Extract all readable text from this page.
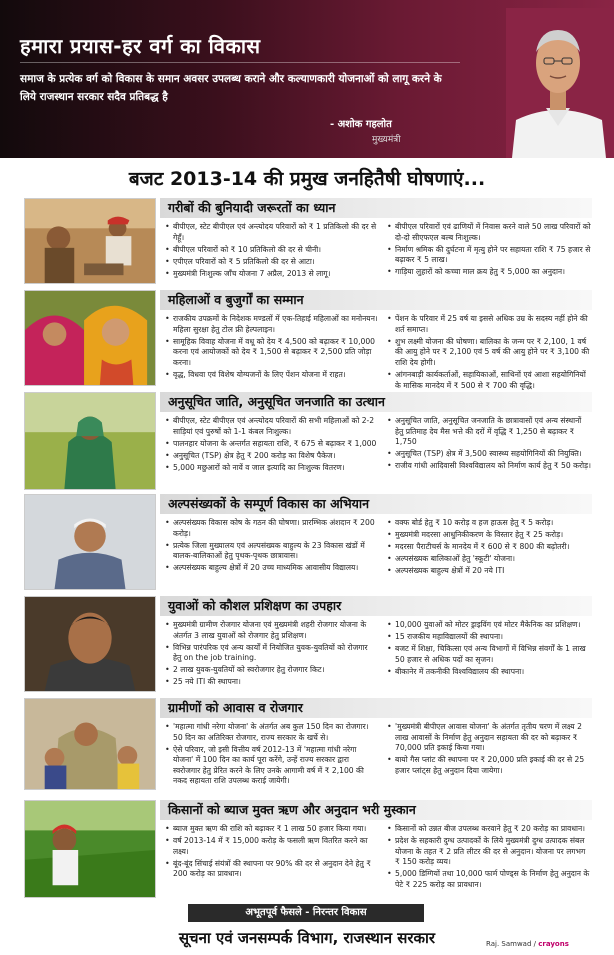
हमारा प्रयास-हर वर्ग का विकास

समाज के प्रत्येक वर्ग को विकास के समान अवसर उपलब्ध कराने और कल्याणकारी योजनाओं को लागू करने के लिये राजस्थान सरकार सदैव प्रतिबद्ध है

- अशोक गहलोत
मुख्यमंत्री
बजट 2013-14 की प्रमुख जनहितैषी घोषणाएं...
गरीबों की बुनियादी जरूरतों का ध्यान
• बीपीएल, स्टेट बीपीएल एवं अन्त्योदय परिवारों को ₹ 1 प्रतिकिलो की दर से गेहूँ।
• बीपीएल परिवारों को ₹ 10 प्रतिकिलो की दर से चीनी।
• एपीएल परिवारों को ₹ 5 प्रतिकिलो की दर से आटा।
• मुख्यमंत्री निःशुल्क जाँच योजना 7 अप्रैल, 2013 से लागू।
• बीपीएल परिवारों एवं ढाणियों में निवास करने वाले 50 लाख परिवारों को दो-दो सीएफएल बल्ब निःशुल्क।
• निर्माण श्रमिक की दुर्घटना में मृत्यु होने पर सहायता राशि ₹ 75 हजार से बढ़ाकर ₹ 5 लाख।
• गाड़िया लुहारों को कच्चा माल क्रय हेतु ₹ 5,000 का अनुदान।
महिलाओं व बुजुर्गों का सम्मान
• राजकीय उपक्रमों के निदेशक मण्डलों में एक-तिहाई महिलाओं का मनोनयन। महिला सुरक्षा हेतु टोल फ्री हेल्पलाइन।
• सामूहिक विवाह योजना में वधू को देय ₹ 4,500 को बढ़ाकर ₹ 10,000 करना एवं आयोजकों को देय ₹ 1,500 से बढ़ाकर ₹ 2,500 प्रति जोड़ा करना।
• वृद्ध, विधवा एवं विशेष योग्यजनों के लिए पेंशन योजना में राहत।
• पेंशन के परिवार में 25 वर्ष या इससे अधिक उम्र के सदस्य नहीं होने की शर्त समाप्त।
• शुभ लक्ष्मी योजना की घोषणा। बालिका के जन्म पर ₹ 2,100, 1 वर्ष की आयु होने पर ₹ 2,100 एवं 5 वर्ष की आयु होने पर ₹ 3,100 की राशि देय होगी।
• आंगनबाड़ी कार्यकर्ताओं, सहायिकाओं, साथिनों एवं आशा सहयोगिनियों के मासिक मानदेय में ₹ 500 से ₹ 700 की वृद्धि।
अनुसूचित जाति, अनुसूचित जनजाति का उत्थान
• बीपीएल, स्टेट बीपीएल एवं अन्त्योदय परिवारों की सभी महिलाओं को 2-2 साड़ियां एवं पुरुषों को 1-1 कंबल निःशुल्क।
• पालनहार योजना के अन्तर्गत सहायता राशि, ₹ 675 से बढ़ाकर ₹ 1,000
• अनुसूचित (TSP) क्षेत्र हेतु ₹ 200 करोड़ का विशेष पैकेज।
• 5,000 मछुआरों को नावें व जाल इत्यादि का निःशुल्क वितरण।
• अनुसूचित जाति, अनुसूचित जनजाति के छात्रावासों एवं अन्य संस्थानों हेतु प्रतिमाह देय मैस भत्ते की दरों में वृद्धि ₹ 1,250 से बढ़ाकर ₹ 1,750
• अनुसूचित (TSP) क्षेत्र में 3,500 स्वास्थ्य सहयोगिनियों की नियुक्ति।
• राजीव गांधी आदिवासी विश्वविद्यालय को निर्माण कार्य हेतु ₹ 50 करोड़।
अल्पसंख्यकों के सम्पूर्ण विकास का अभियान
• अल्पसंख्यक विकास कोष के गठन की घोषणा। प्रारम्भिक अंशदान ₹ 200 करोड़।
• प्रत्येक जिला मुख्यालय एवं अल्पसंख्यक बाहुल्य के 23 विकास खंडों में बालक-बालिकाओं हेतु पृथक-पृथक छात्रावास।
• अल्पसंख्यक बाहुल्य क्षेत्रों में 20 उच्च माध्यमिक आवासीय विद्यालय।
• वक्फ बोर्ड हेतु ₹ 10 करोड़ व हज हाऊस हेतु ₹ 5 करोड़।
• मुख्यमंत्री मदरसा आधुनिकीकरण के विस्तार हेतु ₹ 25 करोड़।
• मदरसा पैराटीचर्स के मानदेय में ₹ 600 से ₹ 800 की बढ़ोतरी।
• अल्पसंख्यक बालिकाओं हेतु 'स्कूटी' योजना।
• अल्पसंख्यक बाहुल्य क्षेत्रों में 20 नये ITI
युवाओं को कौशल प्रशिक्षण का उपहार
• मुख्यमंत्री ग्रामीण रोजगार योजना एवं मुख्यमंत्री शहरी रोजगार योजना के अंतर्गत 3 लाख युवाओं को रोजगार हेतु प्रशिक्षण।
• विभिन्न पारंपरिक एवं अन्य कार्यों में नियोजित युवक-युवतियों को रोजगार हेतु on the job training.
• 2 लाख युवक-युवतियों को स्वरोजगार हेतु रोजगार किट।
• 25 नये ITI की स्थापना।
• 10,000 युवाओं को मोटर ड्राइविंग एवं मोटर मैकेनिक का प्रशिक्षण।
• 15 राजकीय महाविद्यालयों की स्थापना।
• बजट में शिक्षा, चिकित्सा एवं अन्य विभागों में विभिन्न संवर्गों के 1 लाख 50 हजार से अधिक पदों का सृजन।
• बीकानेर में तकनीकी विश्वविद्यालय की स्थापना।
ग्रामीणों को आवास व रोजगार
• 'महात्मा गांधी नरेगा योजना' के अंतर्गत अब कुल 150 दिन का रोजगार। 50 दिन का अतिरिक्त रोजगार, राज्य सरकार के खर्चे से।
• ऐसे परिवार, जो इसी वित्तीय वर्ष 2012-13 में 'महात्मा गांधी नरेगा योजना' में 100 दिन का कार्य पूरा करेंगे, उन्हें राज्य सरकार द्वारा स्वरोजगार हेतु प्रेरित करने के लिए उनके आगामी वर्ष में ₹ 2,100 की नकद सहायता राशि उपलब्ध कराई जायेगी।
• 'मुख्यमंत्री बीपीएल आवास योजना' के अंतर्गत तृतीय चरण में लक्ष्य 2 लाख आवासों के निर्माण हेतु अनुदान सहायता की दर को बढ़ाकर ₹ 70,000 प्रति इकाई किया गया।
• बायो गैस प्लांट की स्थापना पर ₹ 20,000 प्रति इकाई की दर से 25 हजार प्लांट्स हेतु अनुदान दिया जायेगा।
किसानों को ब्याज मुक्त ऋण और अनुदान भरी मुस्कान
• ब्याज मुक्त ऋण की राशि को बढ़ाकर ₹ 1 लाख 50 हजार किया गया।
• वर्ष 2013-14 में ₹ 15,000 करोड़ के फसली ऋण वितरित करने का लक्ष्य।
• बूंद-बूंद सिंचाई संयंत्रों की स्थापना पर 90% की दर से अनुदान देने हेतु ₹ 200 करोड़ का प्रावधान।
• किसानों को उन्नत बीज उपलब्ध करवाने हेतु ₹ 20 करोड़ का प्रावधान।
• प्रदेश के सहकारी दुग्ध उत्पादकों के लिये मुख्यमंत्री दुग्ध उत्पादक संबल योजना के तहत ₹ 2 प्रति लीटर की दर से अनुदान। योजना पर लगभग ₹ 150 करोड़ व्यय।
• 5,000 डिग्गियों तथा 10,000 फार्म पोण्ड्स के निर्माण हेतु अनुदान के पेटे ₹ 225 करोड़ का प्रावधान।
अभूतपूर्व फैसले - निरन्तर विकास
सूचना एवं जनसम्पर्क विभाग, राजस्थान सरकार	Raj. Samwad / crayons
